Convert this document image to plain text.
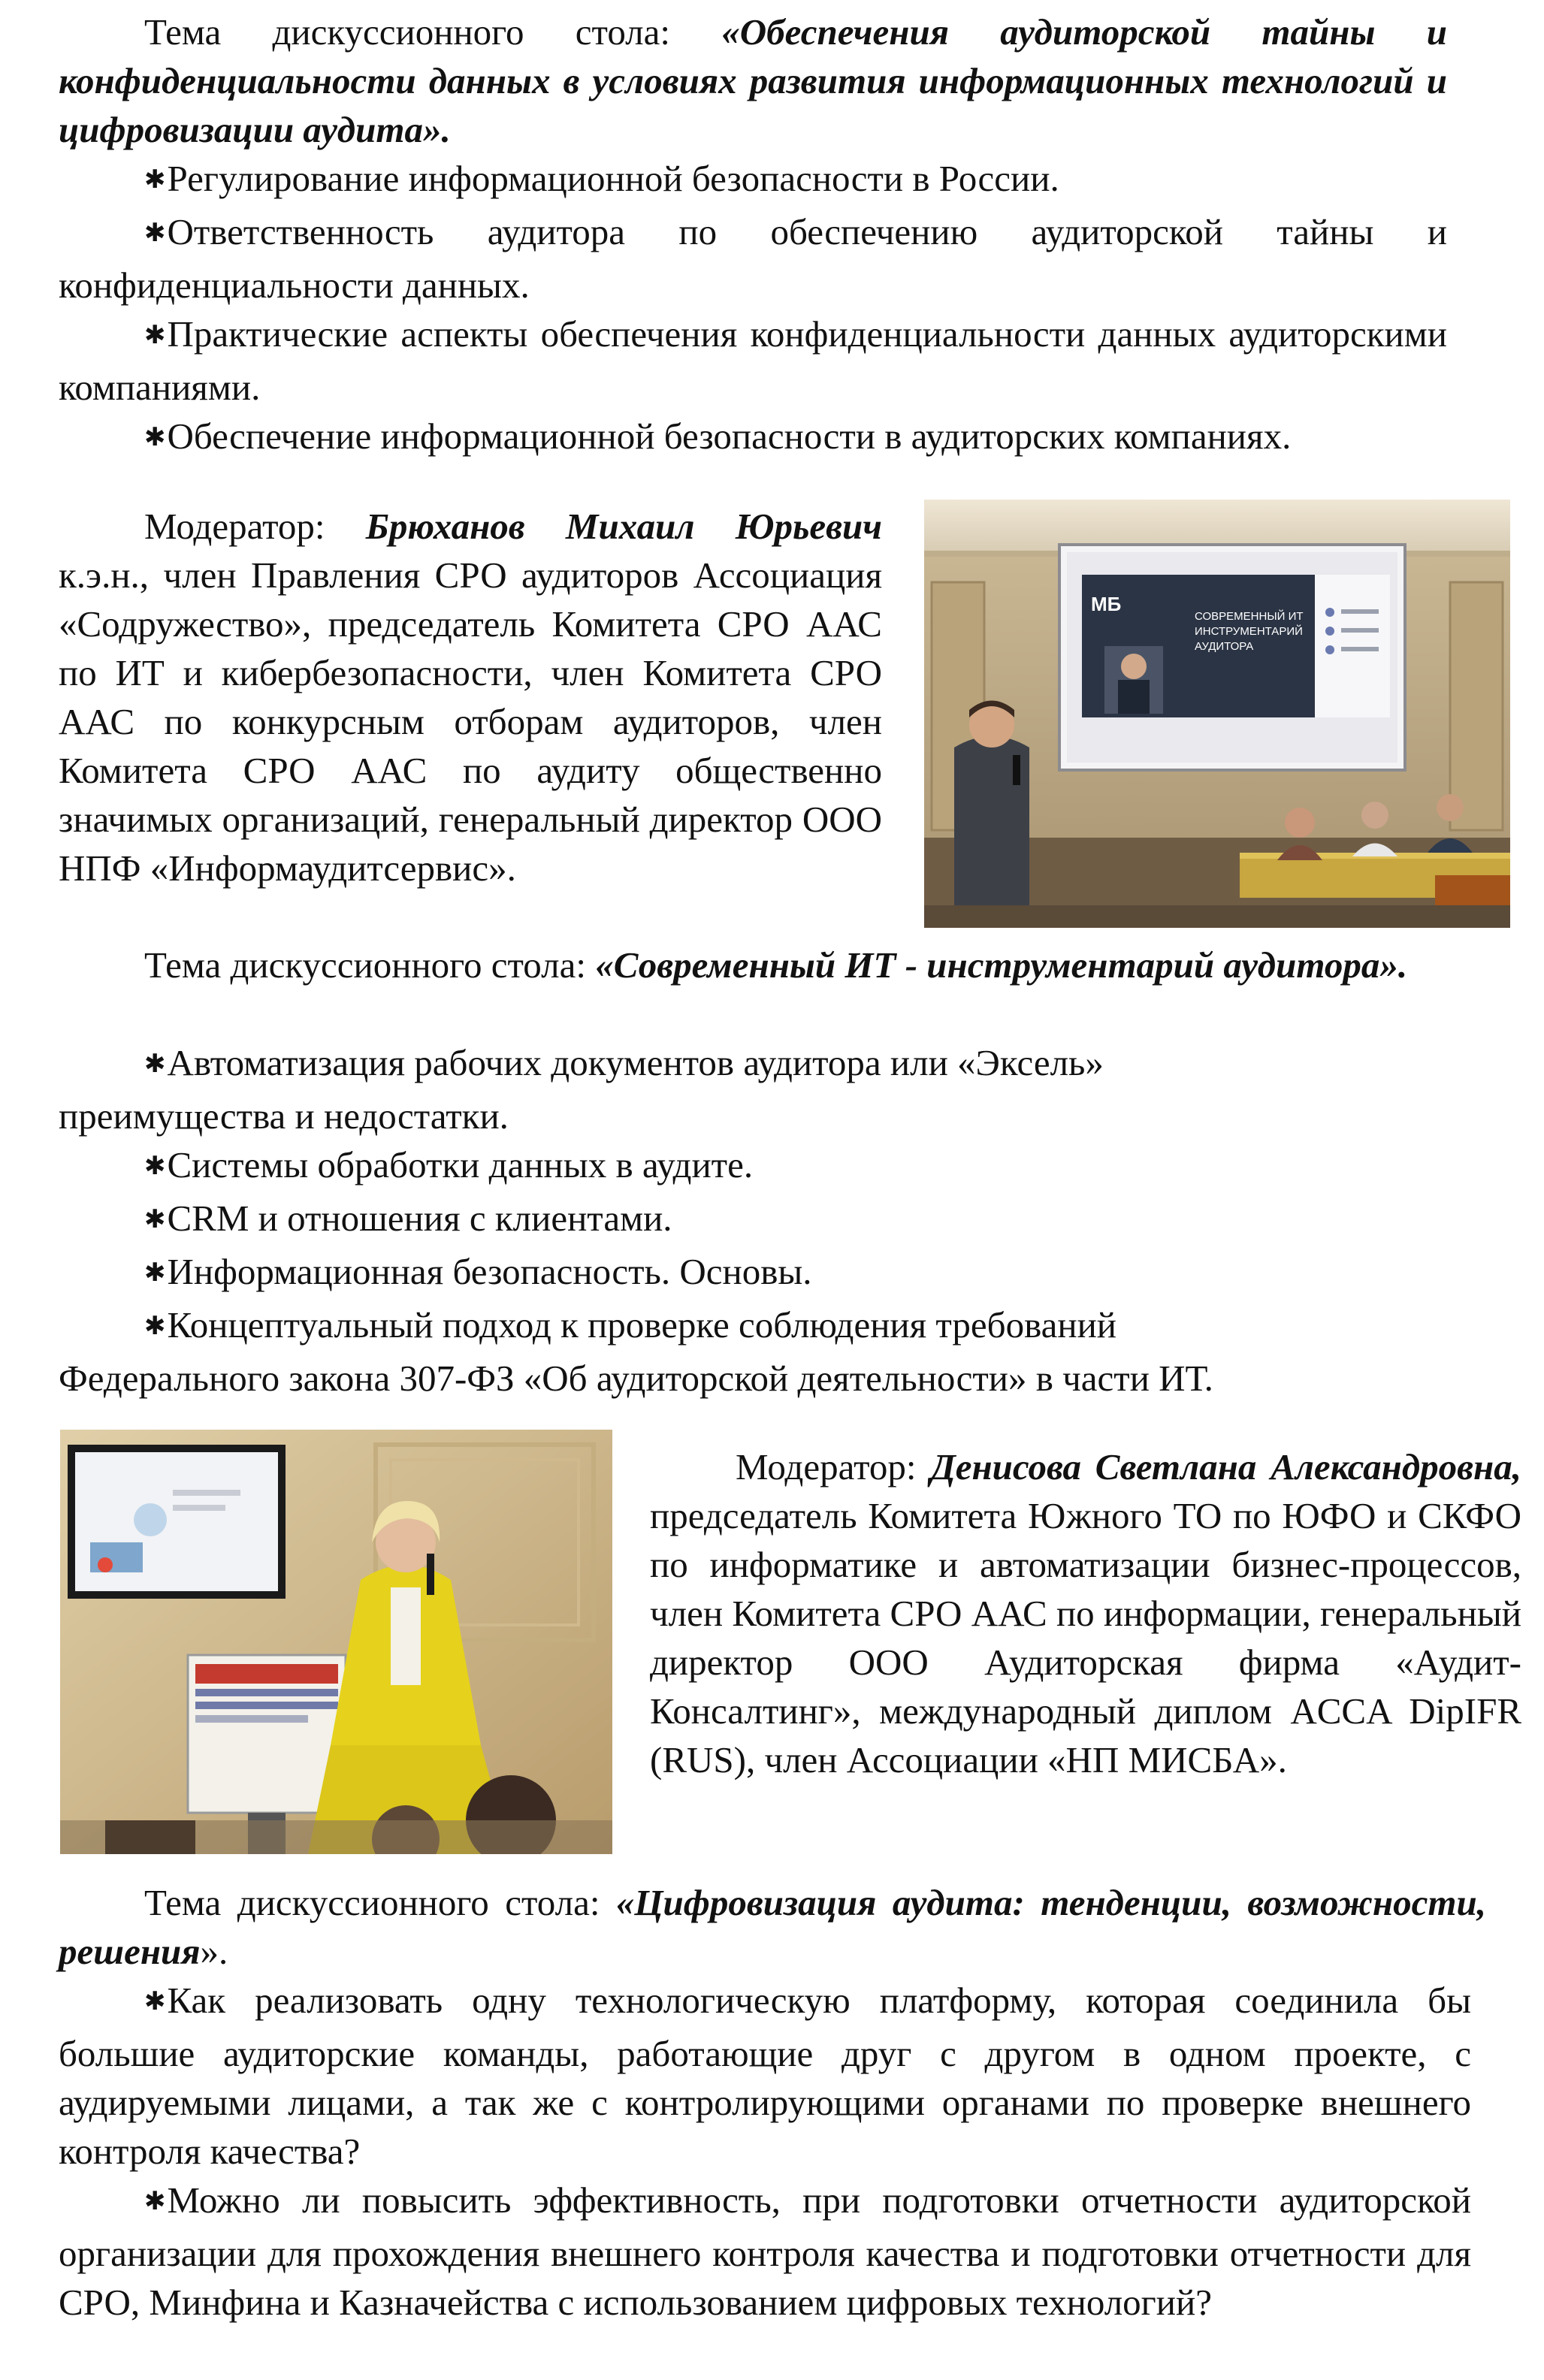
Тема дискуссионного стола: «Обеспечения аудиторской тайны и конфиденциальности данных в условиях развития информационных технологий и цифровизации аудита».

✱Регулирование информационной безопасности в России.

✱Ответственность аудитора по обеспечению аудиторской тайны и конфиденциальности данных.

✱Практические аспекты обеспечения конфиденциальности данных аудиторскими компаниями.

✱Обеспечение информационной безопасности в аудиторских компаниях.

Модератор: Брюханов Михаил Юрьевич к.э.н., член Правления СРО аудиторов Ассоциация «Содружество», председатель Комитета СРО ААС по ИТ и кибербезопасности, член Комитета СРО ААС по конкурсным отборам аудиторов, член Комитета СРО ААС по аудиту общественно значимых организаций, генеральный директор ООО НПФ «Информаудитсервис».

МБ
СОВРЕМЕННЫЙ ИТ
ИНСТРУМЕНТАРИЙ
АУДИТОРА

Тема дискуссионного стола: «Современный ИТ - инструментарий аудитора».

✱Автоматизация рабочих документов аудитора или «Эксель» преимущества и недостатки.

✱Системы обработки данных в аудите.

✱CRM и отношения с клиентами.

✱Информационная безопасность. Основы.

✱Концептуальный подход к проверке соблюдения требований Федерального закона 307-ФЗ «Об аудиторской деятельности» в части ИТ.

Модератор: Денисова Светлана Александровна, председатель Комитета Южного ТО по ЮФО и СКФО по информатике и автоматизации бизнес-процессов, член Комитета СРО ААС по информации, генеральный директор ООО Аудиторская фирма «Аудит-Консалтинг», международный диплом ACCA DipIFR (RUS), член Ассоциации «НП МИСБА».

Тема дискуссионного стола: «Цифровизация аудита: тенденции, возможности, решения».

✱Как реализовать одну технологическую платформу, которая соединила бы большие аудиторские команды, работающие друг с другом в одном проекте, с аудируемыми лицами, а так же с контролирующими органами по проверке внешнего контроля качества?

✱Можно ли повысить эффективность, при подготовки отчетности аудиторской организации для прохождения внешнего контроля качества и подготовки отчетности для СРО, Минфина и Казначейства с использованием цифровых технологий?
